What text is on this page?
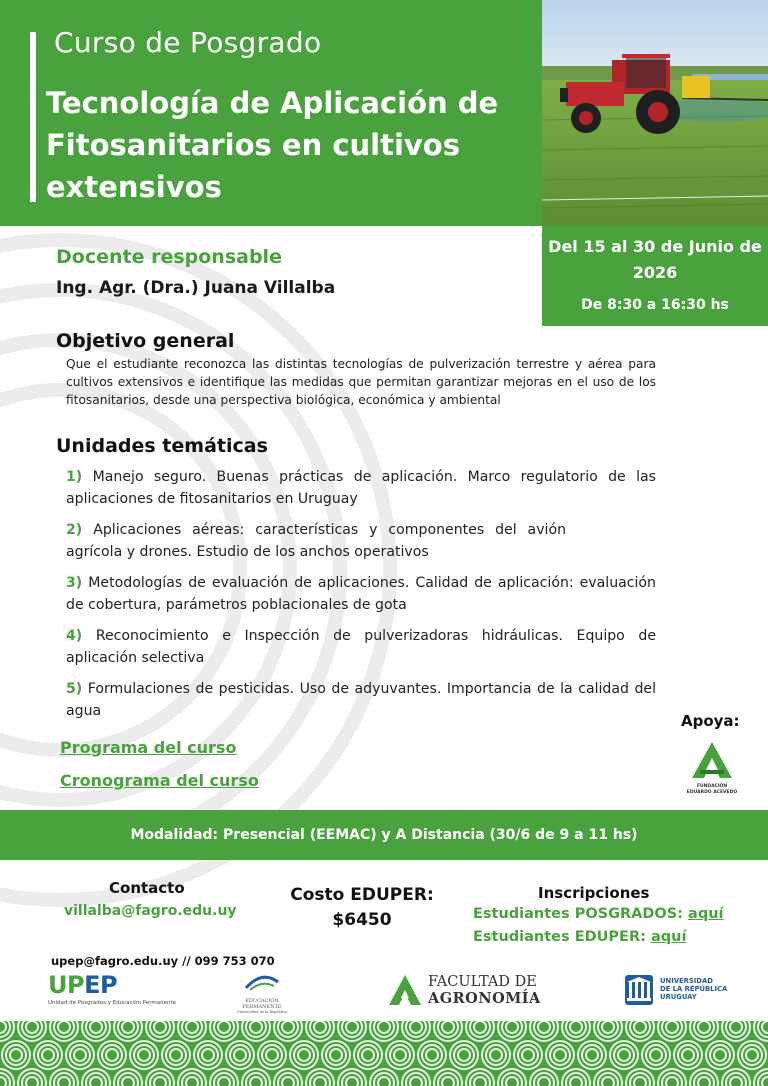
Curso de Posgrado
Tecnología de Aplicación de Fitosanitarios en cultivos extensivos
Del 15 al 30 de Junio de 2026
De 8:30 a 16:30 hs
Docente responsable
Ing. Agr. (Dra.) Juana Villalba
Objetivo general
Que el estudiante reconozca las distintas tecnologías de pulverización terrestre y aérea para cultivos extensivos e identifique las medidas que permitan garantizar mejoras en el uso de los fitosanitarios, desde una perspectiva biológica, económica y ambiental
Unidades temáticas
1) Manejo seguro. Buenas prácticas de aplicación. Marco regulatorio de las aplicaciones de fitosanitarios en Uruguay
2) Aplicaciones aéreas: características y componentes del avión agrícola y drones. Estudio de los anchos operativos
3) Metodologías de evaluación de aplicaciones. Calidad de aplicación: evaluación de cobertura, parámetros poblacionales de gota
4) Reconocimiento e Inspección de pulverizadoras hidráulicas. Equipo de aplicación selectiva
5) Formulaciones de pesticidas. Uso de adyuvantes. Importancia de la calidad del agua
Programa del curso
Cronograma del curso
Apoya:
FUNDACIÓN
EDUARDO ACEVEDO
Modalidad: Presencial (EEMAC) y A Distancia (30/6 de 9 a 11 hs)
Contacto
villalba@fagro.edu.uy
Costo EDUPER:
$6450
Inscripciones
Estudiantes POSGRADOS: aquí
Estudiantes EDUPER: aquí
upep@fagro.edu.uy // 099 753 070
UPEP
Unidad de Posgrados y Educación Permanente	EDUCACIÓN PERMANENTE
Universidad de la República
FACULTAD DE
AGRONOMÍA
UNIVERSIDAD
DE LA REPÚBLICA
URUGUAY
